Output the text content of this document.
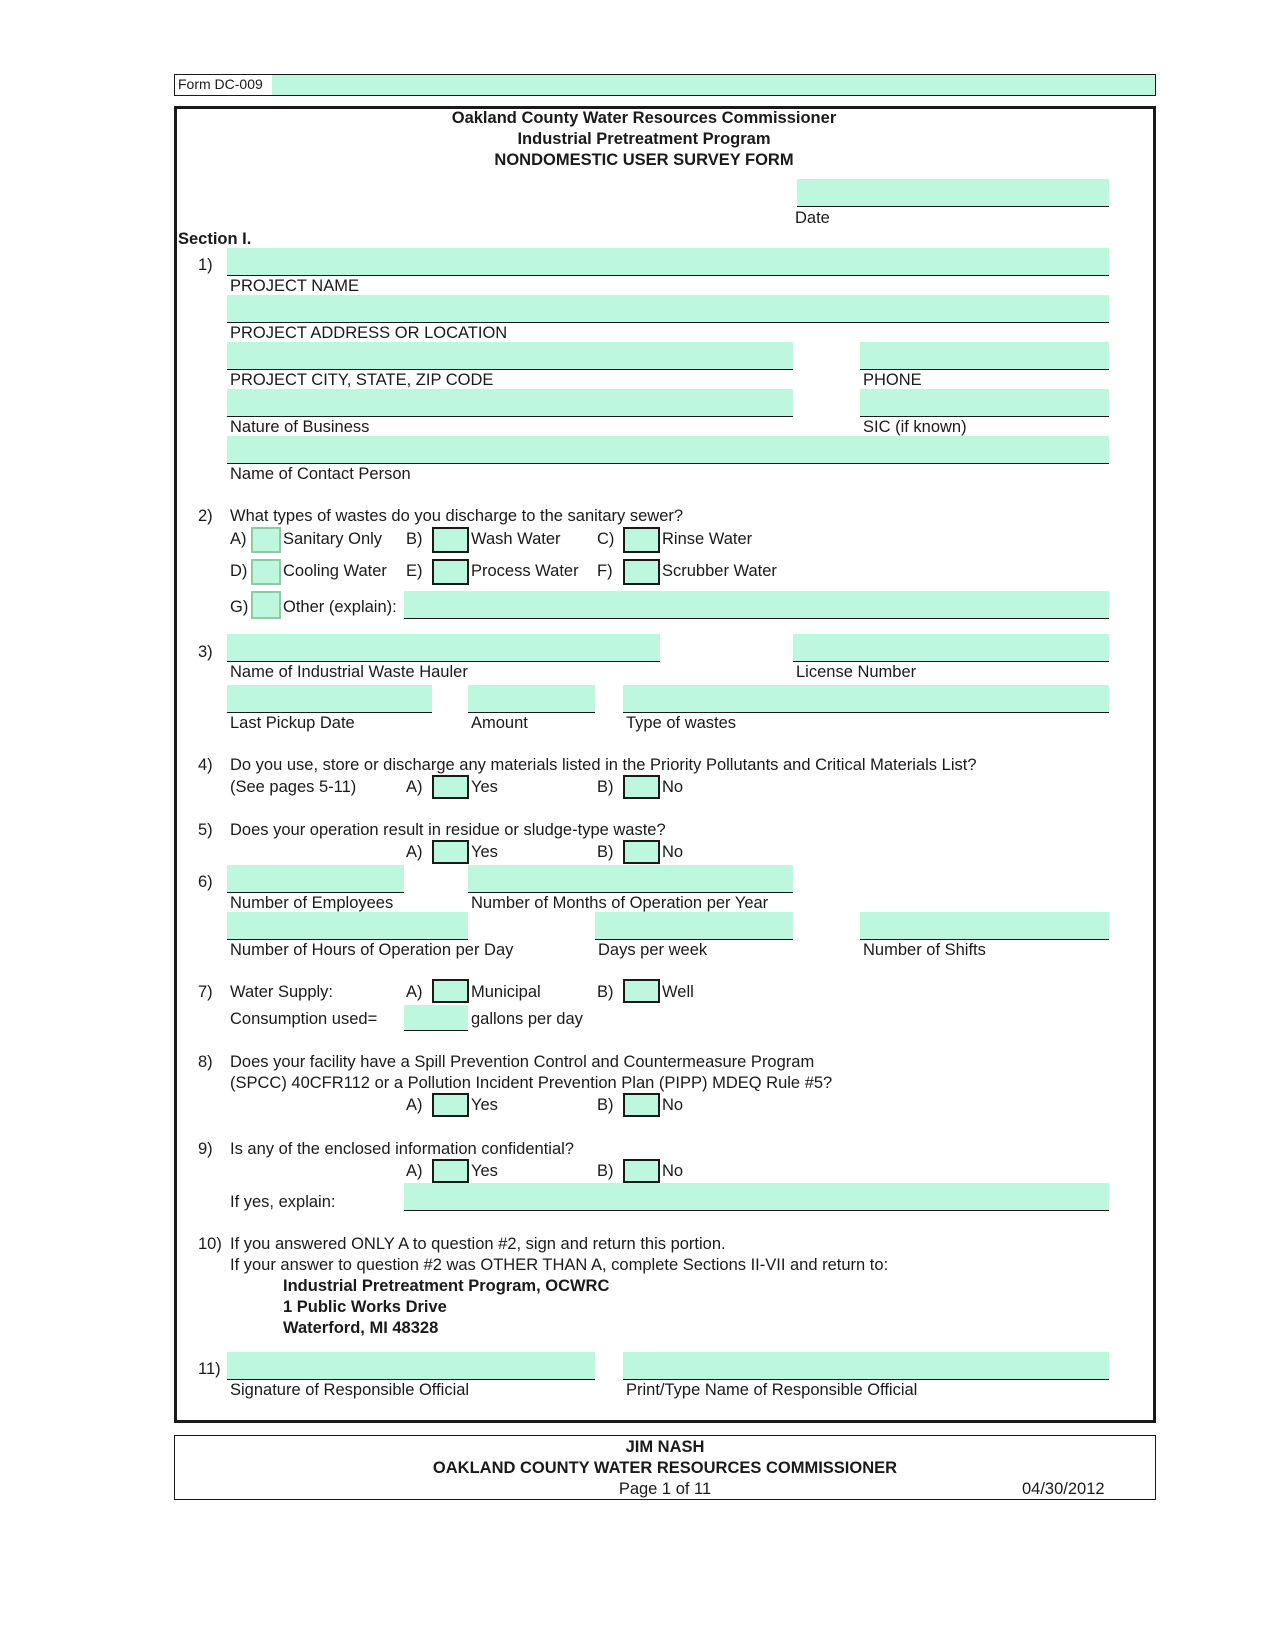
Form DC-009
Oakland County Water Resources Commissioner
Industrial Pretreatment Program
NONDOMESTIC USER SURVEY FORM
Date
Section I.
1)
PROJECT NAME
PROJECT ADDRESS OR LOCATION
PROJECT CITY, STATE, ZIP CODE	PHONE
Nature of Business	SIC (if known)
Name of Contact Person
2) What types of wastes do you discharge to the sanitary sewer?
A) Sanitary Only B)	Wash Water C)	Rinse Water
D) Cooling Water E)	Process Water F)	Scrubber Water
G) Other (explain):
3)
Name of Industrial Waste Hauler	License Number
Last Pickup Date	Amount	Type of wastes
4) Do you use, store or discharge any materials listed in the Priority Pollutants and Critical Materials List?
(See pages 5-11)	A)	Yes	B)	No
5) Does your operation result in residue or sludge-type waste?
A)	Yes	B)	No
6)
Number of Employees	Number of Months of Operation per Year
Number of Hours of Operation per Day	Days per week	Number of Shifts
7) Water Supply:	A)	Municipal	B)	Well
Consumption used=	gallons per day
8) Does your facility have a Spill Prevention Control and Countermeasure Program
(SPCC) 40CFR112 or a Pollution Incident Prevention Plan (PIPP) MDEQ Rule #5?
A)	Yes	B)	No
9) Is any of the enclosed information confidential?
A)	Yes	B)	No
If yes, explain:
10) If you answered ONLY A to question #2, sign and return this portion.
If your answer to question #2 was OTHER THAN A, complete Sections II-VII and return to:
Industrial Pretreatment Program, OCWRC
1 Public Works Drive
Waterford, MI 48328
11)
Signature of Responsible Official	Print/Type Name of Responsible Official
JIM NASH
OAKLAND COUNTY WATER RESOURCES COMMISSIONER
Page 1 of 11	04/30/2012
